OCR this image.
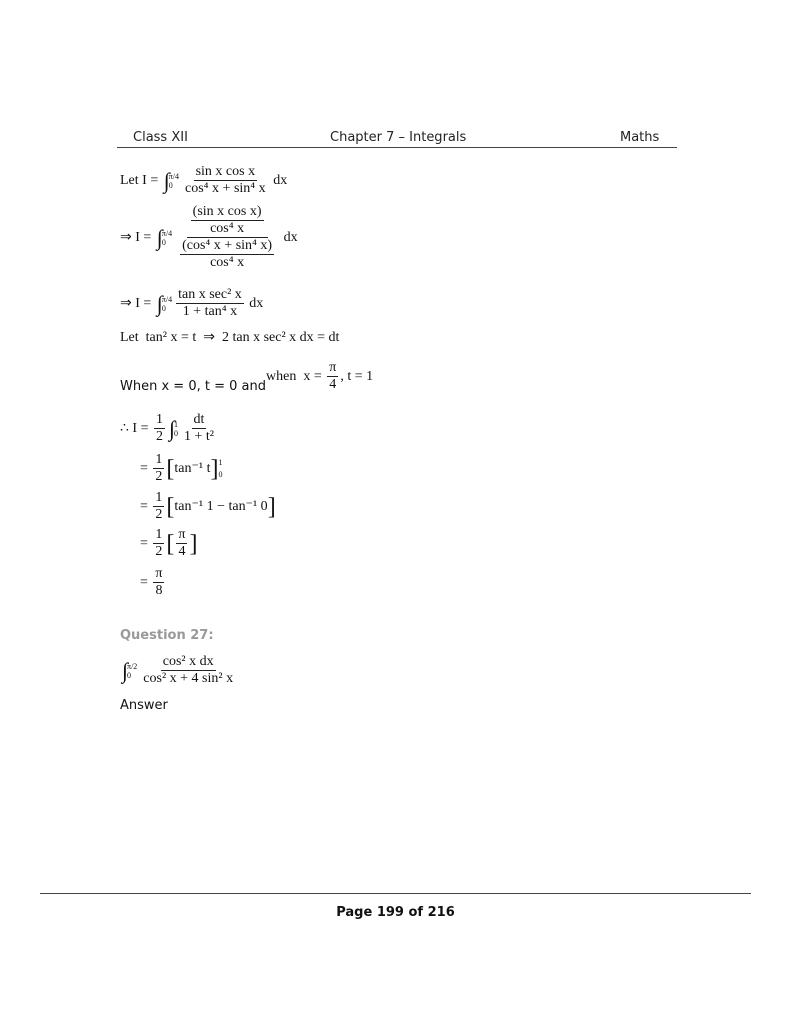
Class XII	Chapter 7 – Integrals	Maths
Let I = ∫ π/4
$0 \frac{\text{sin x cos x}}{\text{cos⁴ x + sin⁴ x}}$ dx
⇒ I = ∫ π/4
$0 \frac{\frac{\text{(sin x cos x)}}{\text{cos⁴ x}}}{\frac{\text{(cos⁴ x + sin⁴ x)}}{\text{cos⁴ x}}}$ dx
⇒ I = ∫ π/4
$0 \frac{\text{tan x sec² x}}{\text{1 + tan⁴ x}}$ dx
Let  tan² x = t  ⇒  2 tan x sec² x dx = dt
When x = 0, t = 0 and
when  $x = \frac{\pi}{4}$ , t = 1
∴ $I = \frac{1}{2}$ ∫ 1
$0 \frac{dt}{\text{1 + t²}}$
= $\frac{1}{2}$ [ tan⁻¹ t ] 1
0
= $\frac{1}{2}$ [ tan⁻¹ 1 − tan⁻¹ 0 ]
= $\frac{1}{2}$ [ $\frac{\pi}{4}$ ]
= $\frac{\pi}{8}$
Question 27:
∫ π/2
$0 \frac{\text{cos² x dx}}{\text{cos² x + 4 sin² x}}$
Answer
Page 199 of 216
